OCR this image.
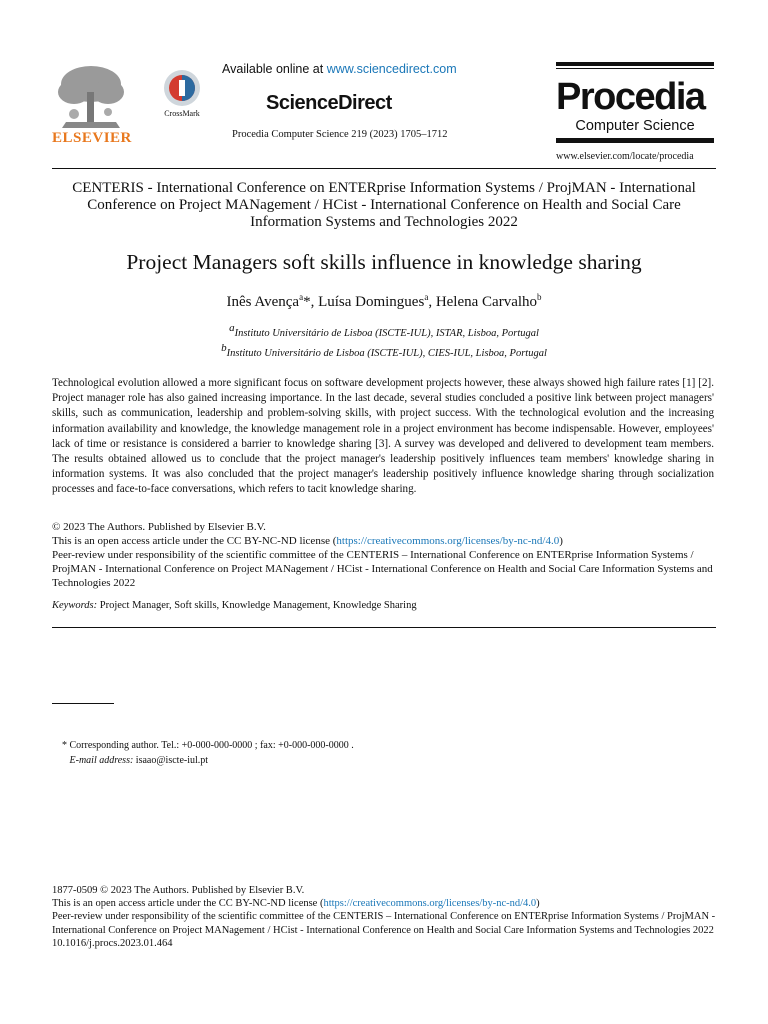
ELSEVIER
CrossMark
Available online at www.sciencedirect.com
ScienceDirect
Procedia Computer Science 219 (2023) 1705–1712
Procedia
Computer Science
www.elsevier.com/locate/procedia
CENTERIS - International Conference on ENTERprise Information Systems / ProjMAN - International Conference on Project MANagement / HCist - International Conference on Health and Social Care Information Systems and Technologies 2022
Project Managers soft skills influence in knowledge sharing
Inês Avença$^a$*, Luísa Domingues$^a$, Helena Carvalho$^b$
$^a$Instituto Universitário de Lisboa (ISCTE-IUL), ISTAR, Lisboa, Portugal
$^b$Instituto Universitário de Lisboa (ISCTE-IUL), CIES-IUL, Lisboa, Portugal
Technological evolution allowed a more significant focus on software development projects however, these always showed high failure rates [1] [2]. Project manager role has also gained increasing importance. In the last decade, several studies concluded a positive link between project managers' skills, such as communication, leadership and problem-solving skills, with project success. With the technological evolution and the increasing information availability and knowledge, the knowledge management role in a project environment has become indispensable. However, employees' lack of time or resistance is considered a barrier to knowledge sharing [3]. A survey was developed and delivered to development team members. The results obtained allowed us to conclude that the project manager's leadership positively influences team members' knowledge sharing in information systems. It was also concluded that the project manager's leadership positively influence knowledge sharing through socialization processes and face-to-face conversations, which refers to tacit knowledge sharing.
© 2023 The Authors. Published by Elsevier B.V.
This is an open access article under the CC BY-NC-ND license (https://creativecommons.org/licenses/by-nc-nd/4.0)
Peer-review under responsibility of the scientific committee of the CENTERIS – International Conference on ENTERprise Information Systems / ProjMAN - International Conference on Project MANagement / HCist - International Conference on Health and Social Care Information Systems and Technologies 2022
Keywords: Project Manager, Soft skills, Knowledge Management, Knowledge Sharing
* Corresponding author. Tel.: +0-000-000-0000 ; fax: +0-000-000-0000 .
E-mail address: isaao@iscte-iul.pt
1877-0509 © 2023 The Authors. Published by Elsevier B.V.
This is an open access article under the CC BY-NC-ND license (https://creativecommons.org/licenses/by-nc-nd/4.0)
Peer-review under responsibility of the scientific committee of the CENTERIS – International Conference on ENTERprise Information Systems / ProjMAN - International Conference on Project MANagement / HCist - International Conference on Health and Social Care Information Systems and Technologies 2022
10.1016/j.procs.2023.01.464
